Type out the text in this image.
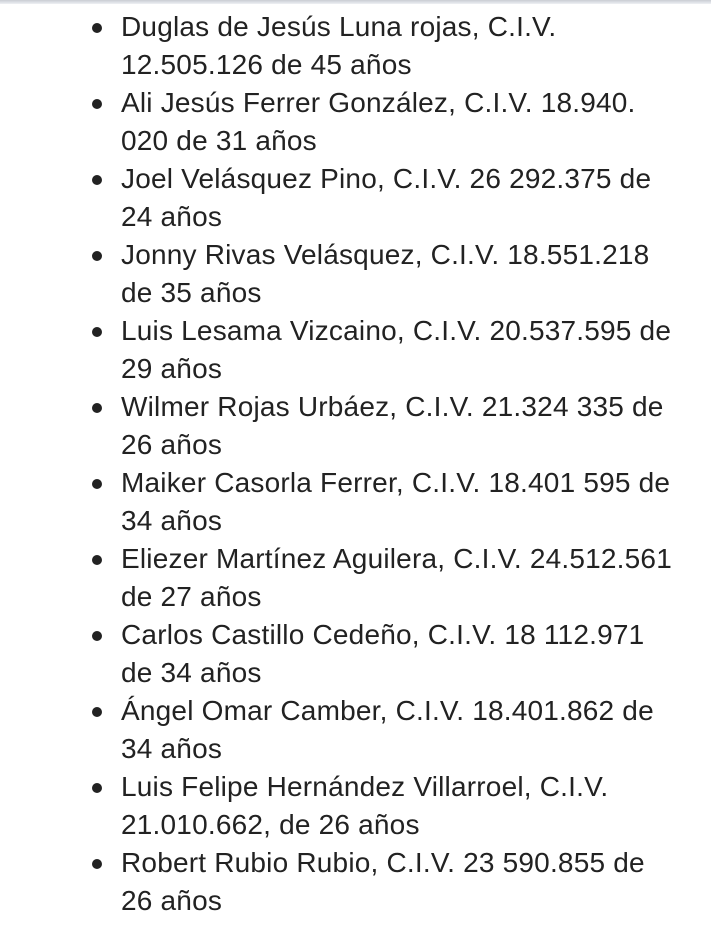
Duglas de Jesús Luna rojas, C.I.V. 12.505.126 de 45 años
Ali Jesús Ferrer González, C.I.V. 18.940. 020 de 31 años
Joel Velásquez Pino, C.I.V. 26 292.375 de 24 años
Jonny Rivas Velásquez, C.I.V. 18.551.218 de 35 años
Luis Lesama Vizcaino, C.I.V. 20.537.595 de 29 años
Wilmer Rojas Urbáez, C.I.V. 21.324 335 de 26 años
Maiker Casorla Ferrer, C.I.V. 18.401 595 de 34 años
Eliezer Martínez Aguilera, C.I.V. 24.512.561 de 27 años
Carlos Castillo Cedeño, C.I.V. 18 112.971 de 34 años
Ángel Omar Camber, C.I.V. 18.401.862 de 34 años
Luis Felipe Hernández Villarroel, C.I.V. 21.010.662, de 26 años
Robert Rubio Rubio, C.I.V. 23 590.855 de 26 años
